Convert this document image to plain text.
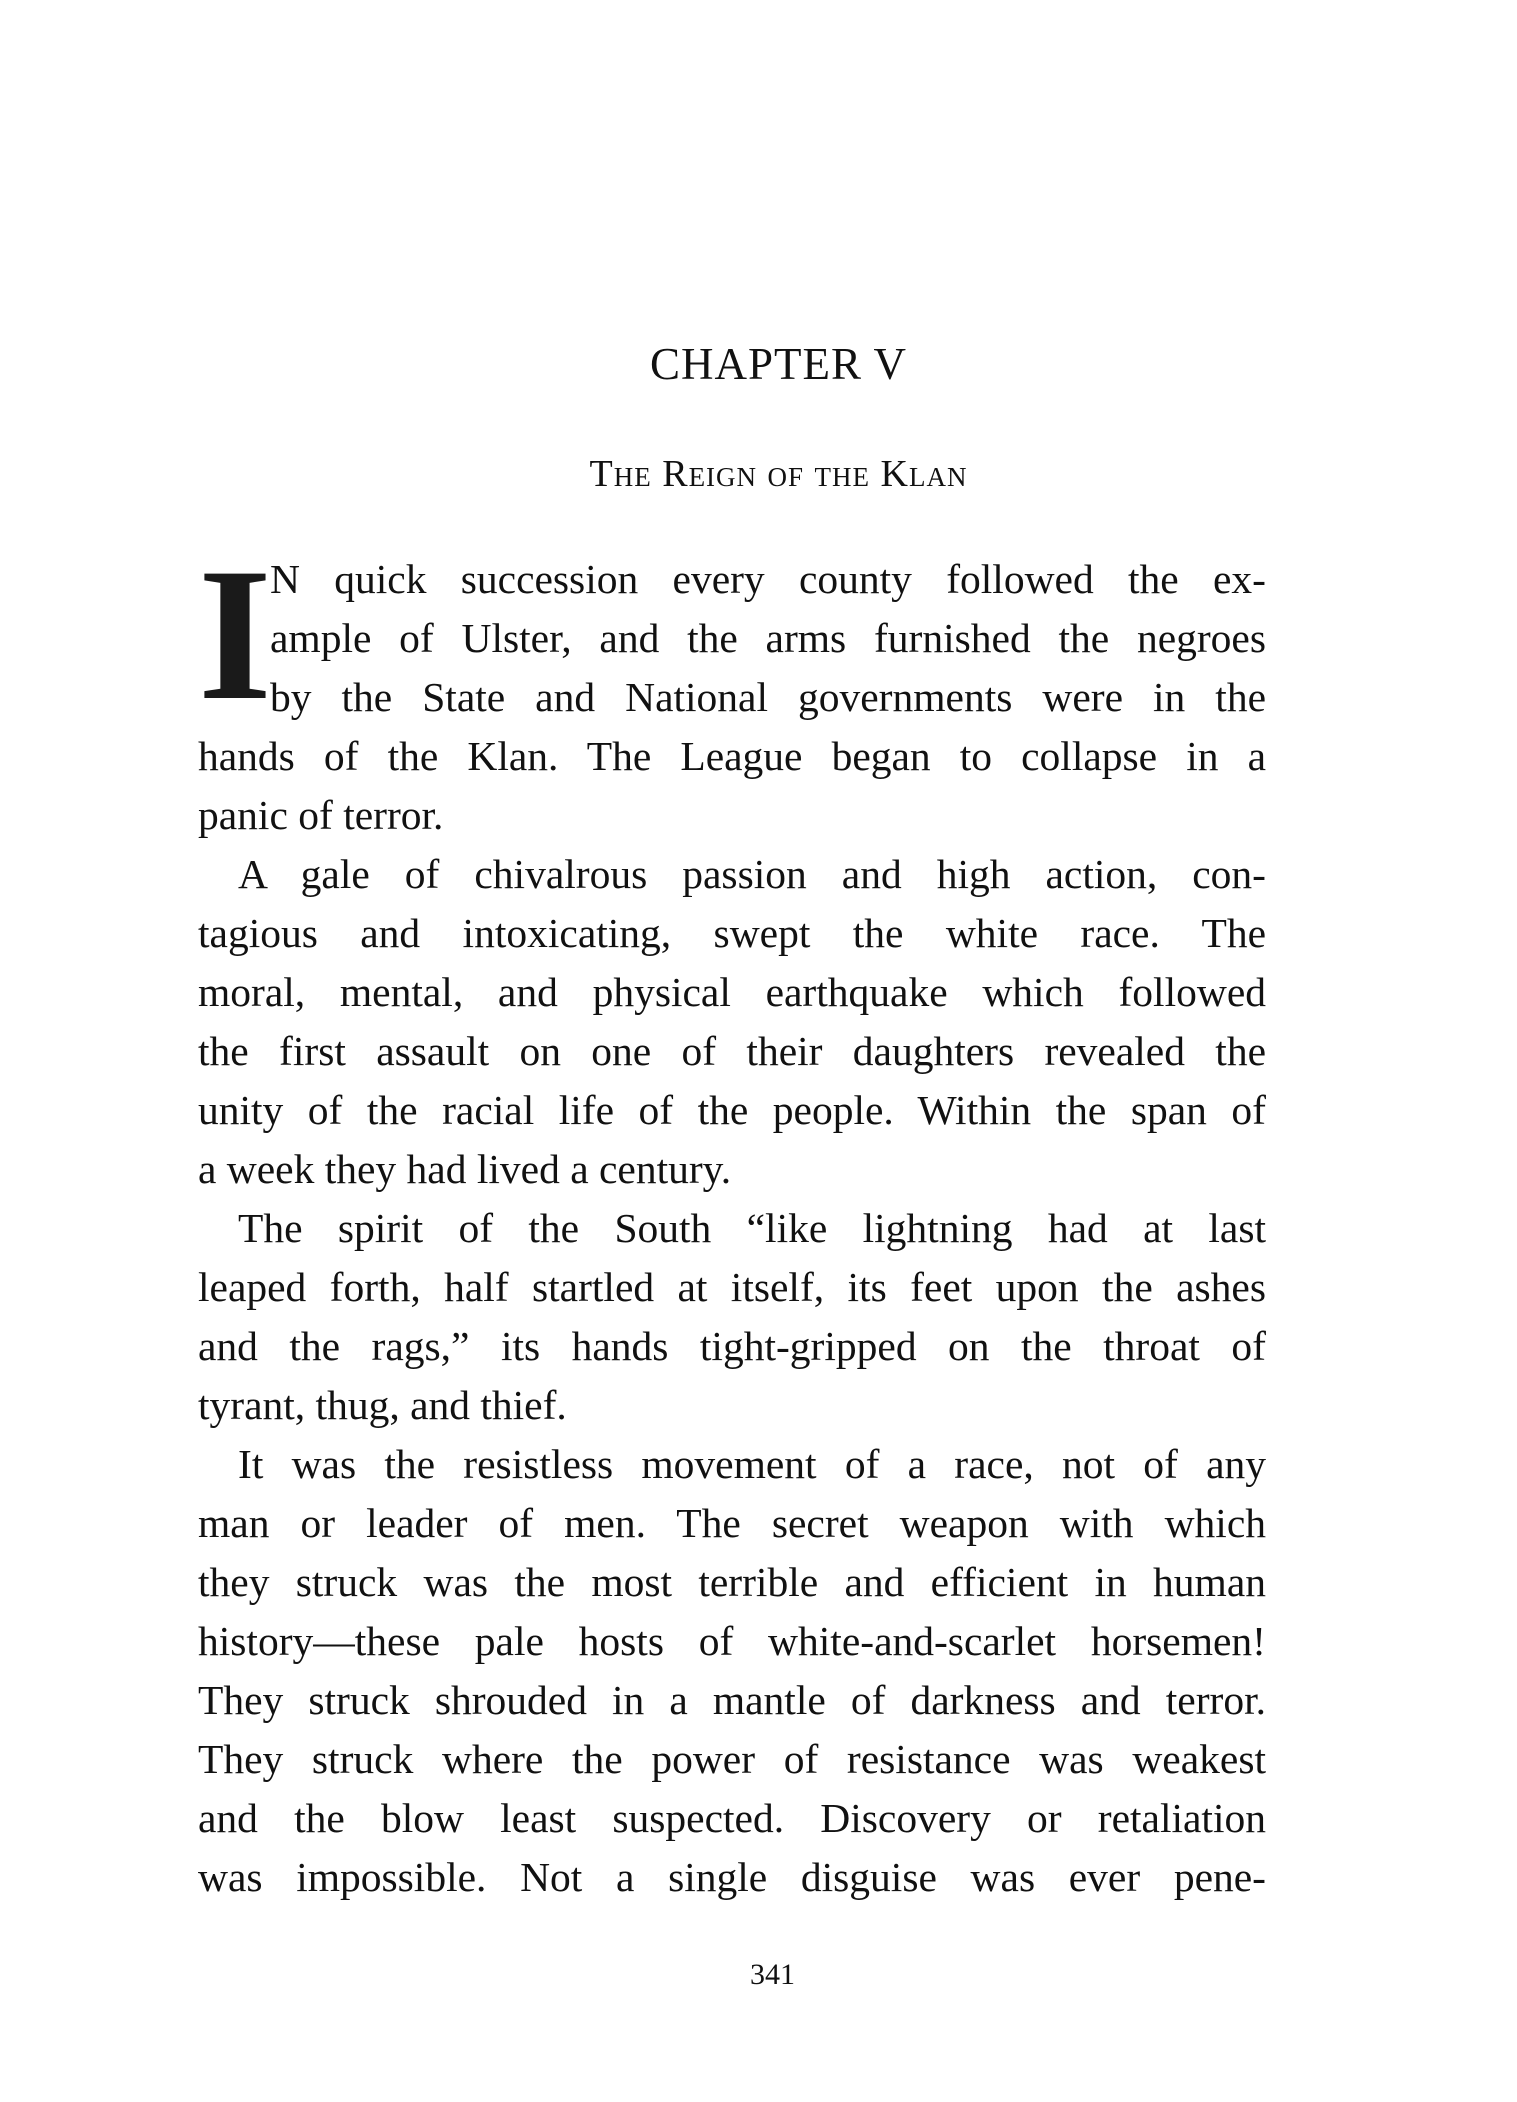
CHAPTER V
The Reign of the Klan
I
N quick succession every county followed the ex-
ample of Ulster, and the arms furnished the negroes
by the State and National governments were in the
hands of the Klan. The League began to collapse in a
panic of terror.
A gale of chivalrous passion and high action, con-
tagious and intoxicating, swept the white race. The
moral, mental, and physical earthquake which followed
the first assault on one of their daughters revealed the
unity of the racial life of the people. Within the span of
a week they had lived a century.
The spirit of the South “like lightning had at last
leaped forth, half startled at itself, its feet upon the ashes
and the rags,” its hands tight-gripped on the throat of
tyrant, thug, and thief.
It was the resistless movement of a race, not of any
man or leader of men. The secret weapon with which
they struck was the most terrible and efficient in human
history—these pale hosts of white-and-scarlet horsemen!
They struck shrouded in a mantle of darkness and terror.
They struck where the power of resistance was weakest
and the blow least suspected. Discovery or retaliation
was impossible. Not a single disguise was ever pene-
341
